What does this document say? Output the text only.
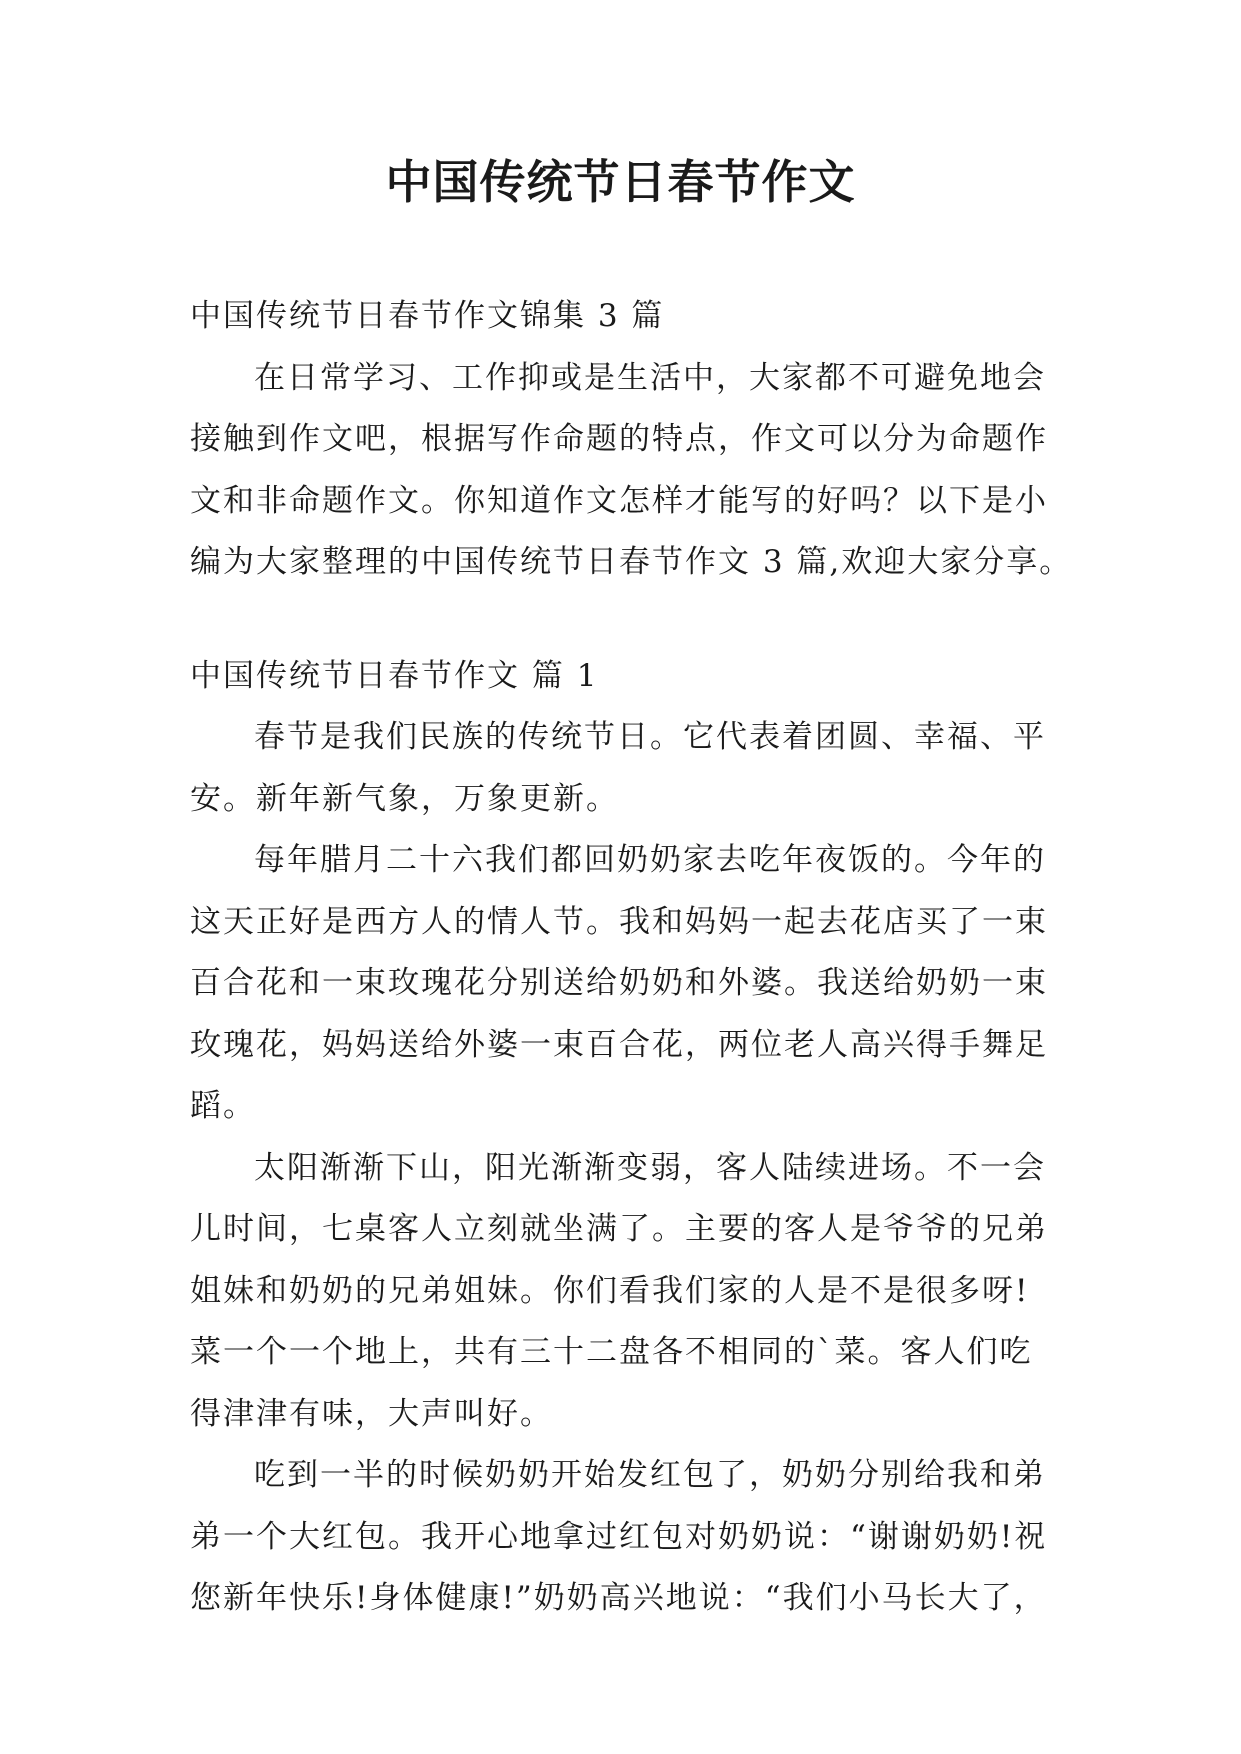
中国传统节日春节作文
中国传统节日春节作文锦集 3 篇
在日常学习、工作抑或是生活中，大家都不可避免地会
接触到作文吧，根据写作命题的特点，作文可以分为命题作
文和非命题作文。你知道作文怎样才能写的好吗？以下是小
编为大家整理的中国传统节日春节作文 3 篇,欢迎大家分享。
中国传统节日春节作文 篇 1
春节是我们民族的传统节日。它代表着团圆、幸福、平
安。新年新气象，万象更新。
每年腊月二十六我们都回奶奶家去吃年夜饭的。今年的
这天正好是西方人的情人节。我和妈妈一起去花店买了一束
百合花和一束玫瑰花分别送给奶奶和外婆。我送给奶奶一束
玫瑰花，妈妈送给外婆一束百合花，两位老人高兴得手舞足
蹈。
太阳渐渐下山，阳光渐渐变弱，客人陆续进场。不一会
儿时间，七桌客人立刻就坐满了。主要的客人是爷爷的兄弟
姐妹和奶奶的兄弟姐妹。你们看我们家的人是不是很多呀!
菜一个一个地上，共有三十二盘各不相同的`菜。客人们吃
得津津有味，大声叫好。
吃到一半的时候奶奶开始发红包了，奶奶分别给我和弟
弟一个大红包。我开心地拿过红包对奶奶说：“谢谢奶奶!祝
您新年快乐!身体健康!”奶奶高兴地说：“我们小马长大了，
